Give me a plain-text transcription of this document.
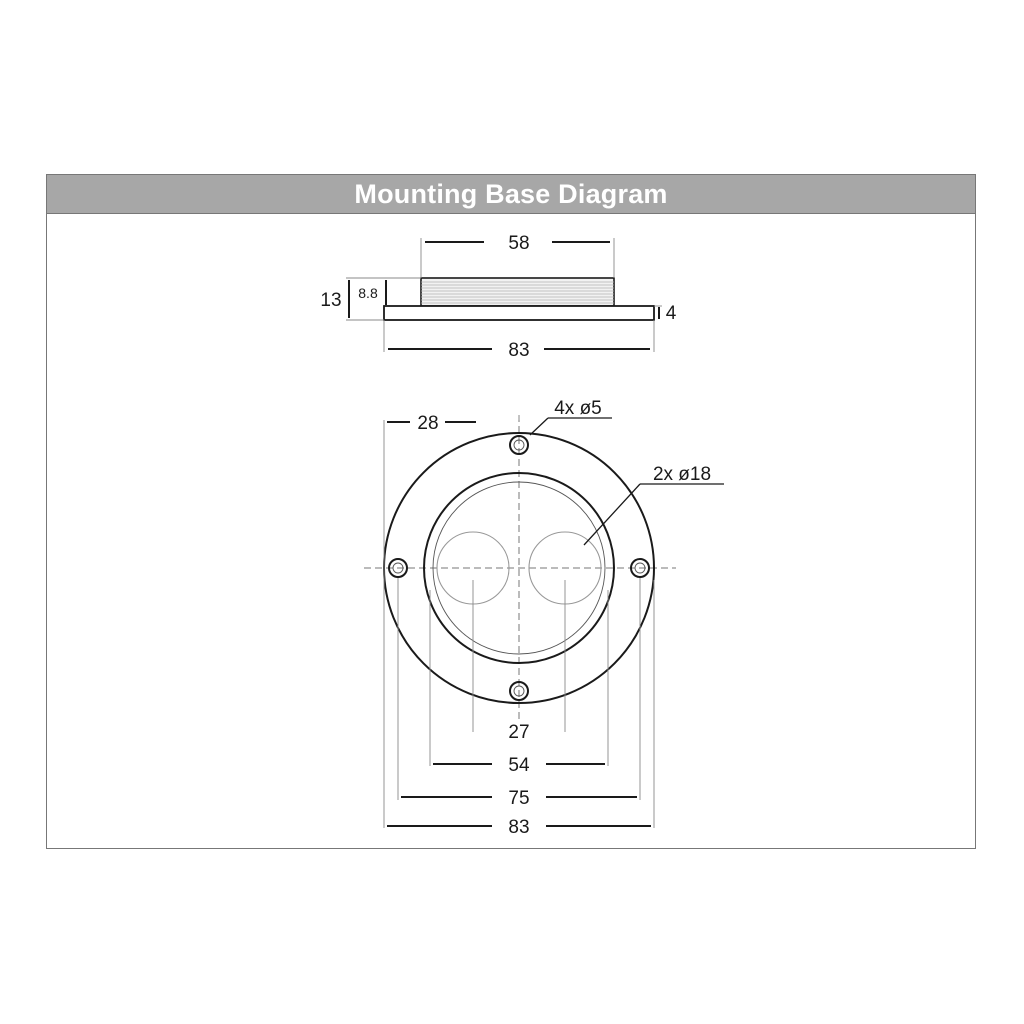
Mounting Base Diagram
58
83
13 8.8
4
4x ø5
2x ø18
28
27
54
75
83
